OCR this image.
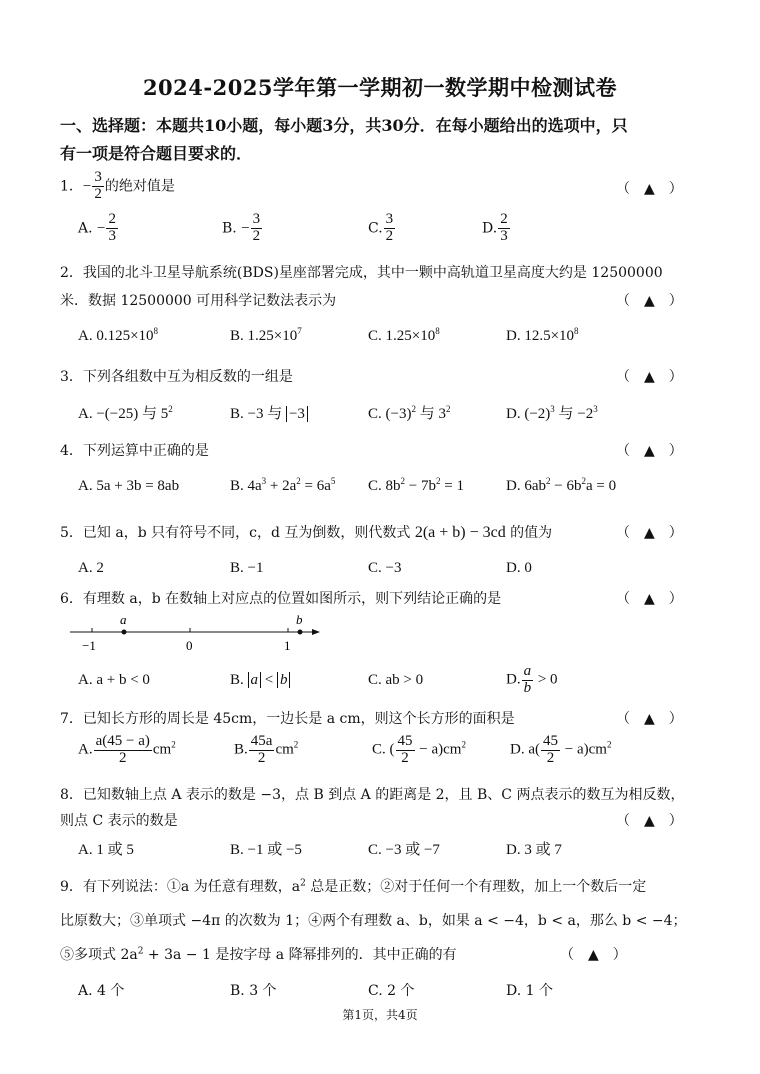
2024-2025学年第一学期初一数学期中检测试卷
一、选择题：本题共10小题，每小题3分，共30分．在每小题给出的选项中，只
有一项是符合题目要求的．
1．− $\frac{3}{2}$ 的绝对值是	（　▲　）
A. − $\frac{2}{3}$	B. − $\frac{3}{2}$	C. $\frac{3}{2}$	D. $\frac{2}{3}$
2．我国的北斗卫星导航系统(BDS)星座部署完成，其中一颗中高轨道卫星高度大约是 12500000
米．数据 12500000 可用科学记数法表示为	（　▲　）
A. $0.125\times 10^8$	B. $1.25\times 10^7$	C. $1.25\times 10^8$	D. $12.5\times 10^8$
3．下列各组数中互为相反数的一组是	（　▲　）
A. −(−25) 与 $5^2$	B. −3 与 −3	C. $(-3)^2$ 与 $3^2$	D. $(-2)^3$ 与 $-2^3$
4．下列运算中正确的是	（　▲　）
A. 5a + 3b = 8ab	B. $4a^3 + 2a^2 = 6a^5$ C. $8b^2 - 7b^2 = 1$	D. $6ab^2 - 6b^2a = 0$
5．已知 a，b 只有符号不同，c，d 互为倒数，则代数式 2(a + b) − 3cd 的值为	（　▲　）
A. 2	B. −1	C. −3	D. 0
6．有理数 a，b 在数轴上对应点的位置如图所示，则下列结论正确的是	（　▲　）
a	b
−1	0	1
A. a + b < 0	B. a < b	C. ab > 0	D. $\frac{a}{b} > 0$
7．已知长方形的周长是 45cm，一边长是 a cm，则这个长方形的面积是	（　▲　）
A. $\frac{a(45 - a)}{2} cm^2$	B. $\frac{45a}{2} cm^2$	C. ( $\frac{45}{2} - a)cm^2$	D. $a( \frac{45}{2} - a)cm^2$
8．已知数轴上点 A 表示的数是 −3，点 B 到点 A 的距离是 2，且 B、C 两点表示的数互为相反数，
则点 C 表示的数是	（　▲　）
A. 1 或 5	B. −1 或 −5	C. −3 或 −7	D. 3 或 7
9．有下列说法：①a 为任意有理数，$a^2$ 总是正数；②对于任何一个有理数，加上一个数后一定
比原数大；③单项式 −4π 的次数为 1；④两个有理数 a、b，如果 a < −4，b < a，那么 b < −4；
⑤多项式 $2a^2 + 3a - 1$ 是按字母 a 降幂排列的．其中正确的有	（　▲　）
A. 4 个	B. 3 个	C. 2 个	D. 1 个
第1页，共4页
